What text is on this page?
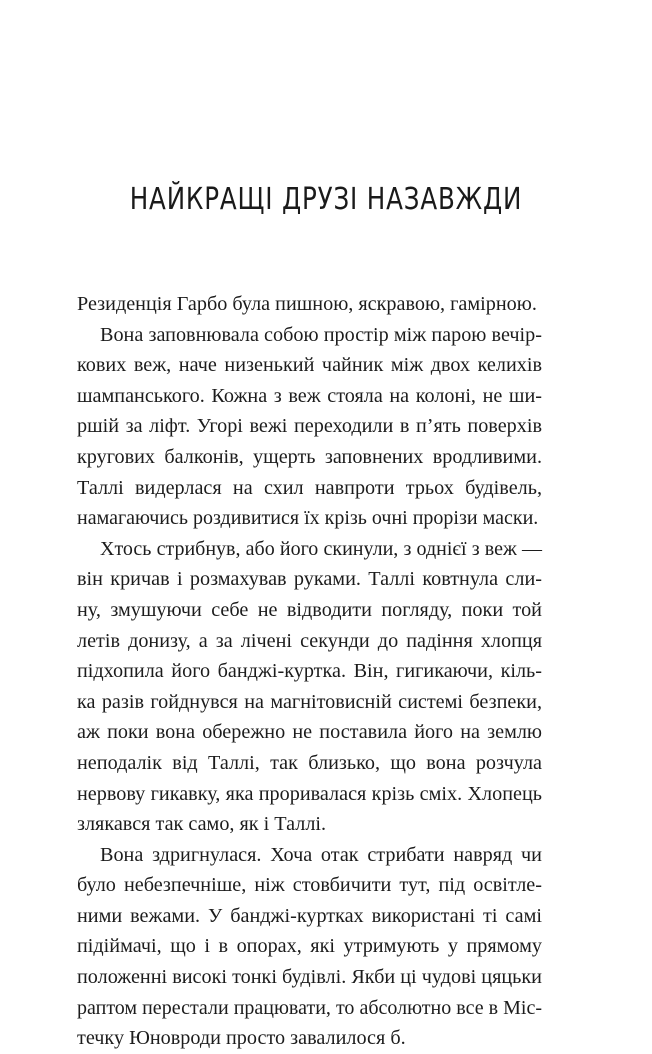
НАЙКРАЩІ ДРУЗІ НАЗАВЖДИ
Резиденція Гарбо була пишною, яскравою, гамірною.
Вона заповнювала собою простір між парою вечір-
кових веж, наче низенький чайник між двох келихів
шампанського. Кожна з веж стояла на колоні, не ши-
ршій за ліфт. Угорі вежі переходили в п’ять поверхів
кругових балконів, ущерть заповнених вродливими.
Таллі видерлася на схил навпроти трьох будівель,
намагаючись роздивитися їх крізь очні прорізи маски.
Хтось стрибнув, або його скинули, з однієї з веж —
він кричав і розмахував руками. Таллі ковтнула сли-
ну, змушуючи себе не відводити погляду, поки той
летів донизу, а за лічені секунди до падіння хлопця
підхопила його банджі-куртка. Він, гигикаючи, кіль-
ка разів гойднувся на магнітовисній системі безпеки,
аж поки вона обережно не поставила його на землю
неподалік від Таллі, так близько, що вона розчула
нервову гикавку, яка проривалася крізь сміх. Хлопець
злякався так само, як і Таллі.
Вона здригнулася. Хоча отак стрибати навряд чи
було небезпечніше, ніж стовбичити тут, під освітле-
ними вежами. У банджі-куртках використані ті самі
підіймачі, що і в опорах, які утримують у прямому
положенні високі тонкі будівлі. Якби ці чудові цяцьки
раптом перестали працювати, то абсолютно все в Міс-
течку Юновроди просто завалилося б.
